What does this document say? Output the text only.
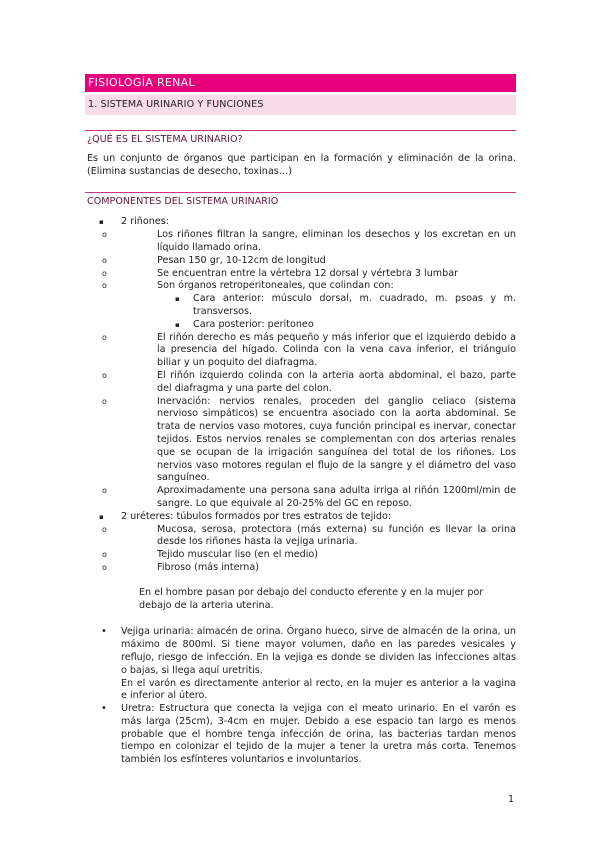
FISIOLOGÍA RENAL
1. SISTEMA URINARIO Y FUNCIONES
¿QUÉ ES EL SISTEMA URINARIO?
Es un conjunto de órganos que participan en la formación y eliminación de la orina. (Elimina sustancias de desecho, toxinas…)
COMPONENTES DEL SISTEMA URINARIO
▪ 2 riñones:
o Los riñones filtran la sangre, eliminan los desechos y los excretan en un líquido llamado orina.
o Pesan 150 gr, 10-12cm de longitud
o Se encuentran entre la vértebra 12 dorsal y vértebra 3 lumbar
o Son órganos retroperitoneales, que colindan con:
▪ Cara anterior: músculo dorsal, m. cuadrado, m. psoas y m. transversos.
▪ Cara posterior: peritoneo
o El riñón derecho es más pequeño y más inferior que el izquierdo debido a la presencia del hígado. Colinda con la vena cava inferior, el triángulo biliar y un poquito del diafragma.
o El riñón izquierdo colinda con la arteria aorta abdominal, el bazo, parte del diafragma y una parte del colon.
o Inervación: nervios renales, proceden del ganglio celiaco (sistema nervioso simpáticos) se encuentra asociado con la aorta abdominal. Se trata de nervios vaso motores, cuya función principal es inervar, conectar tejidos. Estos nervios renales se complementan con dos arterias renales que se ocupan de la irrigación sanguínea del total de los riñones. Los nervios vaso motores regulan el flujo de la sangre y el diámetro del vaso sanguíneo.
o Aproximadamente una persona sana adulta irriga al riñón 1200ml/min de sangre. Lo que equivale al 20-25% del GC en reposo.
▪ 2 uréteres: túbulos formados por tres estratos de tejido:
o Mucosa, serosa, protectora (más externa) su función es llevar la orina desde los riñones hasta la vejiga urinaria.
o Tejido muscular liso (en el medio)
o Fibroso (más interna)
En el hombre pasan por debajo del conducto eferente y en la mujer por debajo de la arteria uterina.
• Vejiga urinaria: almacén de orina. Órgano hueco, sirve de almacén de la orina, un máximo de 800ml. Si tiene mayor volumen, daño en las paredes vesicales y reflujo, riesgo de infección. En la vejiga es donde se dividen las infecciones altas o bajas, si llega aquí uretritis.
En el varón es directamente anterior al recto, en la mujer es anterior a la vagina e inferior al útero.
• Uretra: Estructura que conecta la vejiga con el meato urinario. En el varón es más larga (25cm), 3-4cm en mujer. Debido a ese espacio tan largo es menos probable que el hombre tenga infección de orina, las bacterias tardan menos tiempo en colonizar el tejido de la mujer a tener la uretra más corta. Tenemos también los esfínteres voluntarios e involuntarios.
1
